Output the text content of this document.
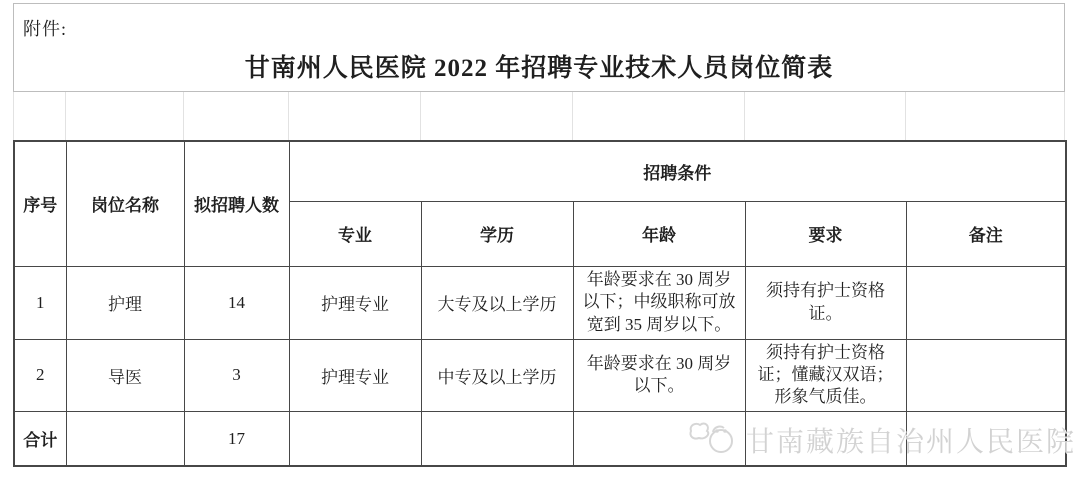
附件:
甘南州人民医院 2022 年招聘专业技术人员岗位简表
序号	岗位名称	拟招聘人数	招聘条件				
			专业	学历	年龄	要求	备注
1	护理	14	护理专业	大专及以上学历	年龄要求在 30 周岁以下；中级职称可放宽到 35 周岁以下。	须持有护士资格证。	
2	导医	3	护理专业	中专及以上学历	年龄要求在 30 周岁以下。	须持有护士资格证；懂藏汉双语；形象气质佳。	
合计		17						甘南藏族自治州人民医院
